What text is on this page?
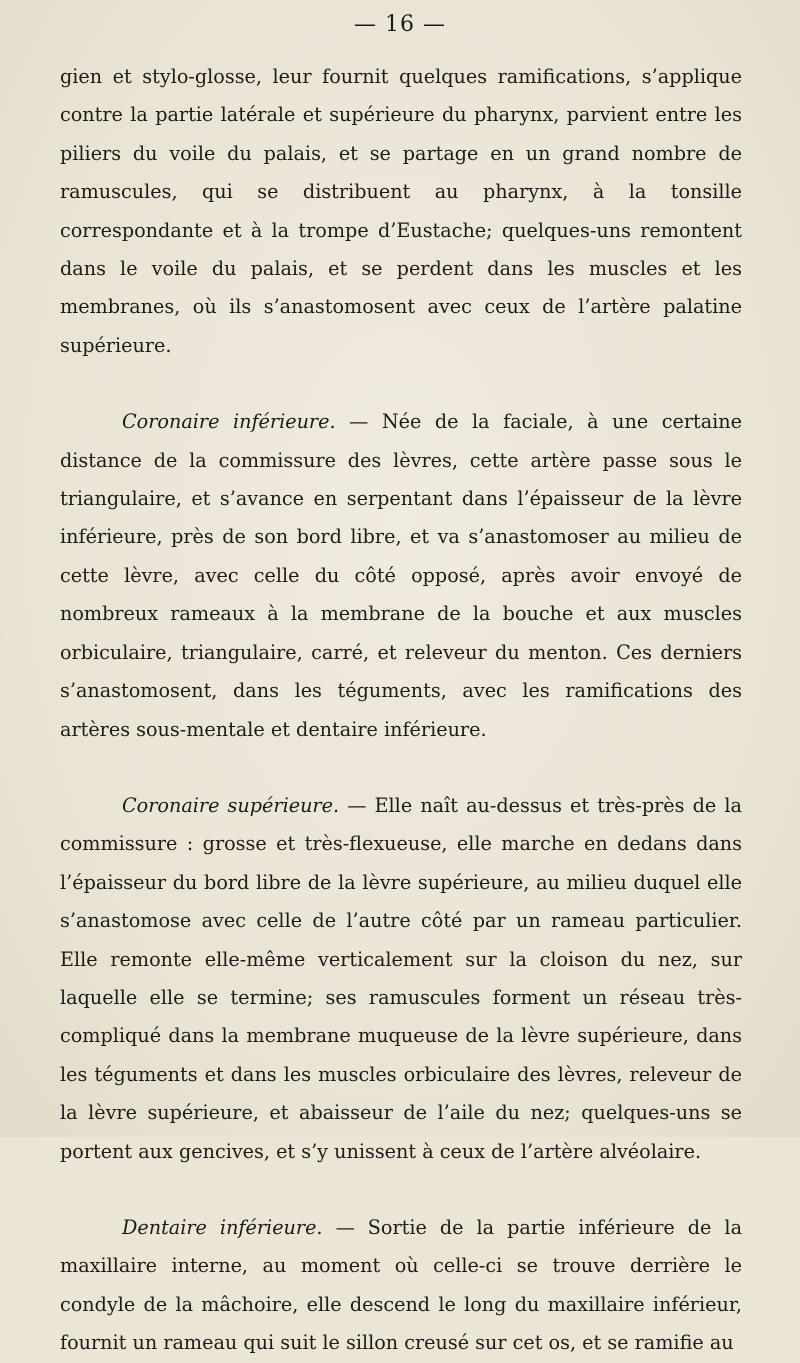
— 16 —

gien et stylo-glosse, leur fournit quelques ramifications, s’applique contre la partie latérale et supérieure du pharynx, parvient entre les piliers du voile du palais, et se partage en un grand nombre de ramuscules, qui se distribuent au pharynx, à la tonsille correspondante et à la trompe d’Eustache; quelques-uns remontent dans le voile du palais, et se perdent dans les muscles et les membranes, où ils s’anastomosent avec ceux de l’artère palatine supérieure.

Coronaire inférieure. — Née de la faciale, à une certaine distance de la commissure des lèvres, cette artère passe sous le triangulaire, et s’avance en serpentant dans l’épaisseur de la lèvre inférieure, près de son bord libre, et va s’anastomoser au milieu de cette lèvre, avec celle du côté opposé, après avoir envoyé de nombreux rameaux à la membrane de la bouche et aux muscles orbiculaire, triangulaire, carré, et releveur du menton. Ces derniers s’anastomosent, dans les téguments, avec les ramifications des artères sous-mentale et dentaire inférieure.

Coronaire supérieure. — Elle naît au-dessus et très-près de la commissure : grosse et très-flexueuse, elle marche en dedans dans l’épaisseur du bord libre de la lèvre supérieure, au milieu duquel elle s’anastomose avec celle de l’autre côté par un rameau particulier. Elle remonte elle-même verticalement sur la cloison du nez, sur laquelle elle se termine; ses ramuscules forment un réseau très-compliqué dans la membrane muqueuse de la lèvre supérieure, dans les téguments et dans les muscles orbiculaire des lèvres, releveur de la lèvre supérieure, et abaisseur de l’aile du nez; quelques-uns se portent aux gencives, et s’y unissent à ceux de l’artère alvéolaire.

Dentaire inférieure. — Sortie de la partie inférieure de la maxillaire interne, au moment où celle-ci se trouve derrière le condyle de la mâchoire, elle descend le long du maxillaire inférieur, fournit un rameau qui suit le sillon creusé sur cet os, et se ramifie au
